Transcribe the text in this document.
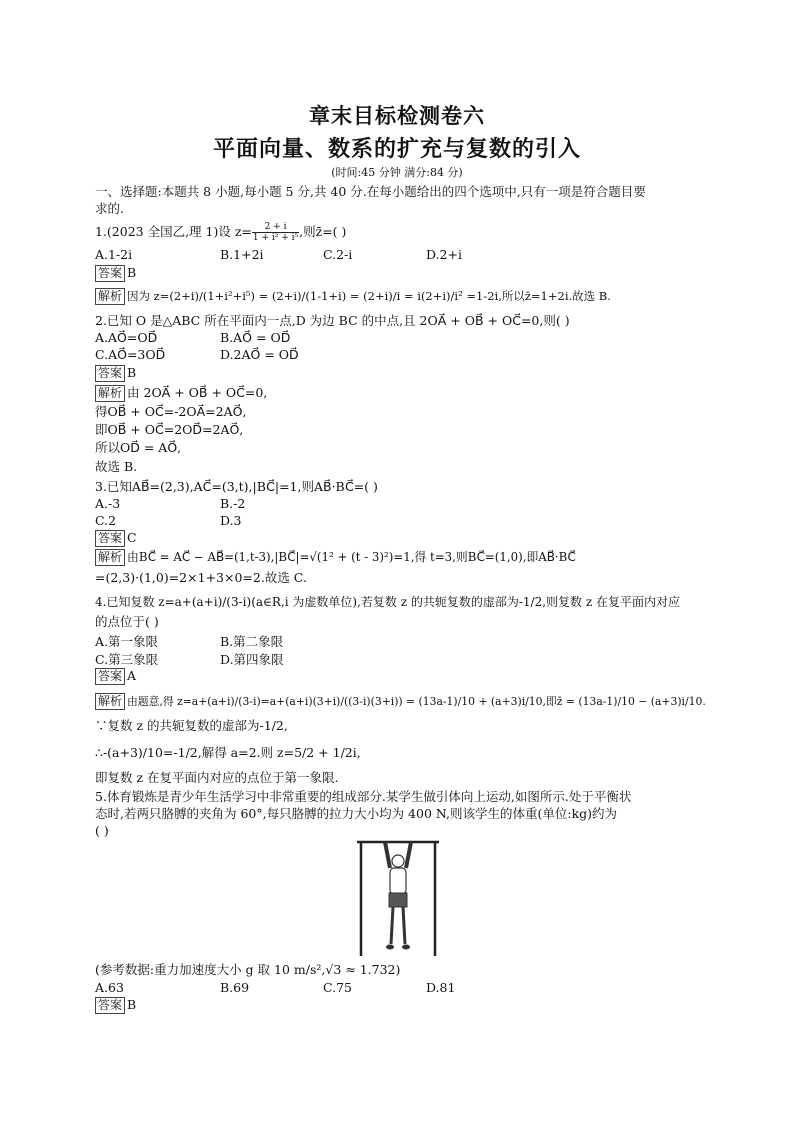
章末目标检测卷六
平面向量、数系的扩充与复数的引入
(时间:45 分钟 满分:84 分)
一、选择题:本题共 8 小题,每小题 5 分,共 40 分.在每小题给出的四个选项中,只有一项是符合题目要
求的.
1.(2023 全国乙,理 1)设 $z= \frac{2 + i}{\text{1 + i² + i⁵}}$ ,则z̄=( )
A.1-2i	B.1+2i	C.2-i	D.2+i
答案 B
解析 因为 z=(2+i)/(1+i²+i⁵) = (2+i)/(1-1+i) = (2+i)/i = i(2+i)/i² =1-2i,所以z̄=1+2i.故选 B.
2.已知 O 是△ABC 所在平面内一点,D 为边 BC 的中点,且 2OA⃗ + OB⃗ + OC⃗=0,则( )
A.AO⃗=OD⃗	B.AO⃗ = OD⃗
C.AO⃗=3OD⃗	D.2AO⃗ = OD⃗
答案 B
解析 由 2OA⃗ + OB⃗ + OC⃗=0,
得OB⃗ + OC⃗=-2OA⃗=2AO⃗,
即OB⃗ + OC⃗=2OD⃗=2AO⃗,
所以OD⃗ = AO⃗,
故选 B.
3.已知AB⃗=(2,3),AC⃗=(3,t),|BC⃗|=1,则AB⃗·BC⃗=( )
A.-3	B.-2
C.2	D.3
答案 C
解析 由BC⃗ = AC⃗ − AB⃗=(1,t-3),|BC⃗|=√(1² + (t - 3)²)=1,得 t=3,则BC⃗=(1,0),即AB⃗·BC⃗
=(2,3)·(1,0)=2×1+3×0=2.故选 C.
4.已知复数 z=a+(a+i)/(3-i)(a∈R,i 为虚数单位),若复数 z 的共轭复数的虚部为-1/2,则复数 z 在复平面内对应
的点位于( )
A.第一象限	B.第二象限
C.第三象限	D.第四象限
答案 A
解析 由题意,得 z=a+(a+i)/(3-i)=a+(a+i)(3+i)/((3-i)(3+i)) = (13a-1)/10 + (a+3)i/10,即z̄ = (13a-1)/10 − (a+3)i/10.
∵复数 z 的共轭复数的虚部为-1/2,
∴-(a+3)/10=-1/2,解得 a=2.则 z=5/2 + 1/2i,
即复数 z 在复平面内对应的点位于第一象限.
5.体育锻炼是青少年生活学习中非常重要的组成部分.某学生做引体向上运动,如图所示.处于平衡状
态时,若两只胳膊的夹角为 60°,每只胳膊的拉力大小均为 400 N,则该学生的体重(单位:kg)约为
( )
(参考数据:重力加速度大小 g 取 10 m/s²,√3 ≈ 1.732)
A.63	B.69	C.75	D.81
答案 B
